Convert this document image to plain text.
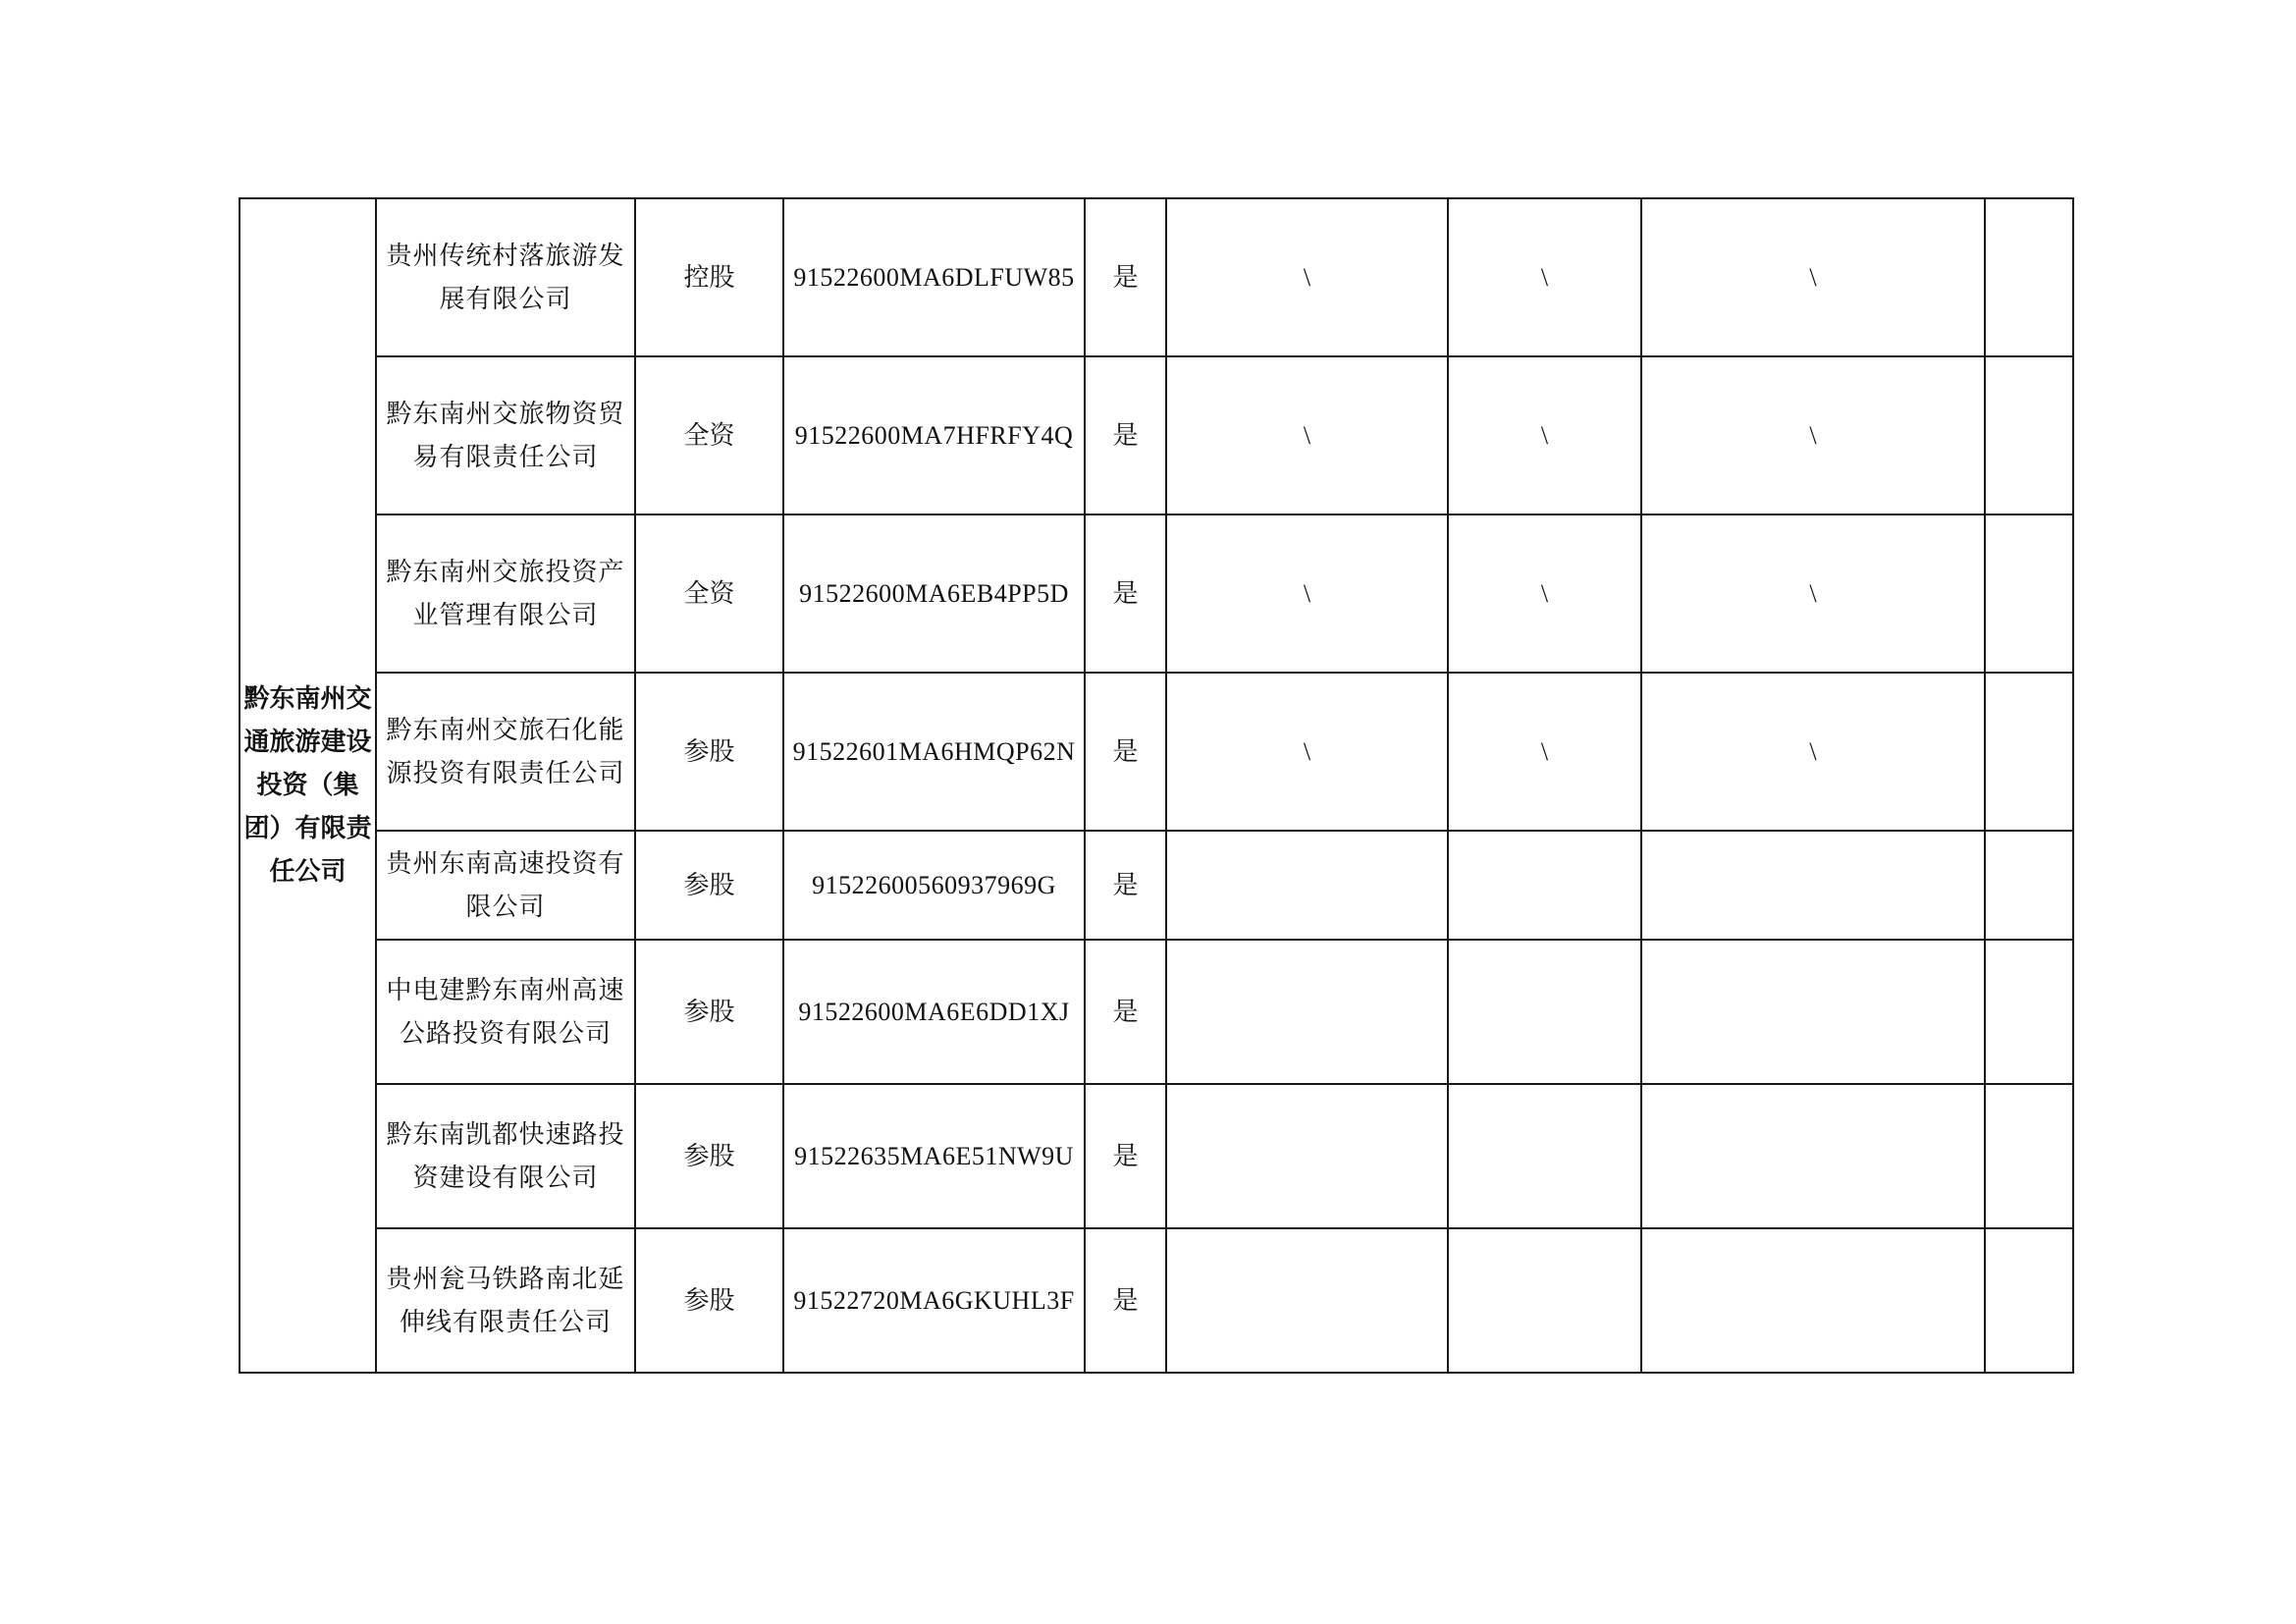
黔东南州交通旅游建设投资（集团）有限责任公司	贵州传统村落旅游发展有限公司	控股	91522600MA6DLFUW85	是	\	\	\	
	黔东南州交旅物资贸易有限责任公司	全资	91522600MA7HFRFY4Q	是	\	\	\	
	黔东南州交旅投资产业管理有限公司	全资	91522600MA6EB4PP5D	是	\	\	\	
	黔东南州交旅石化能源投资有限责任公司	参股	91522601MA6HMQP62N	是	\	\	\	
	贵州东南高速投资有限公司	参股	91522600560937969G	是				
	中电建黔东南州高速公路投资有限公司	参股	91522600MA6E6DD1XJ	是				
	黔东南凯都快速路投资建设有限公司	参股	91522635MA6E51NW9U	是				
	贵州瓮马铁路南北延伸线有限责任公司	参股	91522720MA6GKUHL3F	是				
